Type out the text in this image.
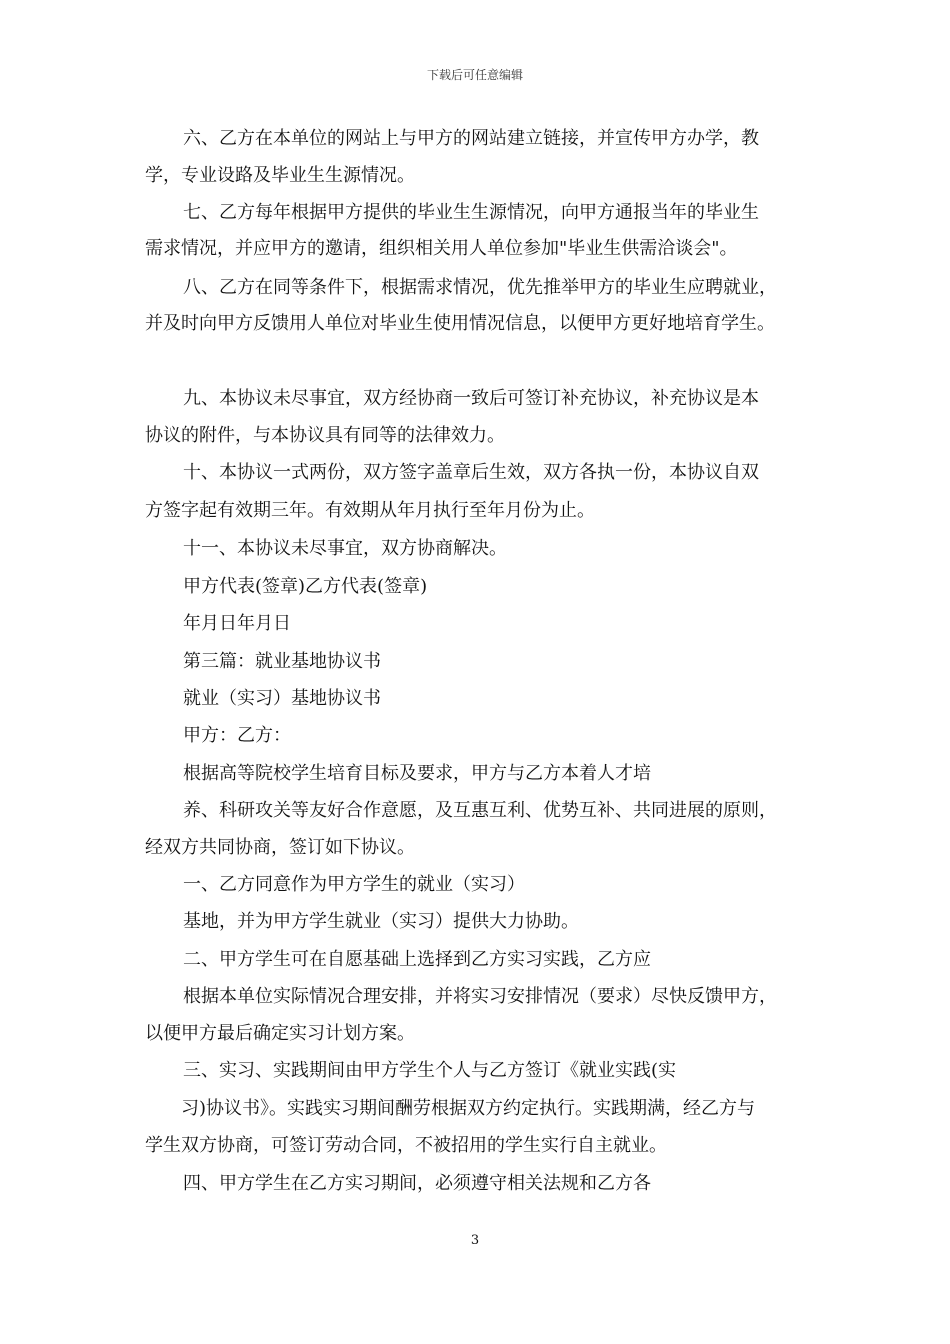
下载后可任意编辑
六、乙方在本单位的网站上与甲方的网站建立链接，并宣传甲方办学，教
学，专业设路及毕业生生源情况。
七、乙方每年根据甲方提供的毕业生生源情况，向甲方通报当年的毕业生
需求情况，并应甲方的邀请，组织相关用人单位参加"毕业生供需洽谈会"。
八、乙方在同等条件下，根据需求情况，优先推举甲方的毕业生应聘就业，
并及时向甲方反馈用人单位对毕业生使用情况信息，以便甲方更好地培育学生。
九、本协议未尽事宜，双方经协商一致后可签订补充协议，补充协议是本
协议的附件，与本协议具有同等的法律效力。
十、本协议一式两份，双方签字盖章后生效，双方各执一份，本协议自双
方签字起有效期三年。有效期从年月执行至年月份为止。
十一、本协议未尽事宜，双方协商解决。
甲方代表(签章)乙方代表(签章)
年月日年月日
第三篇：就业基地协议书
就业（实习）基地协议书
甲方：乙方：
根据高等院校学生培育目标及要求，甲方与乙方本着人才培
养、科研攻关等友好合作意愿，及互惠互利、优势互补、共同进展的原则，
经双方共同协商，签订如下协议。
一、乙方同意作为甲方学生的就业（实习）
基地，并为甲方学生就业（实习）提供大力协助。
二、甲方学生可在自愿基础上选择到乙方实习实践，乙方应
根据本单位实际情况合理安排，并将实习安排情况（要求）尽快反馈甲方，
以便甲方最后确定实习计划方案。
三、实习、实践期间由甲方学生个人与乙方签订《就业实践(实
习)协议书》。实践实习期间酬劳根据双方约定执行。实践期满，经乙方与
学生双方协商，可签订劳动合同，不被招用的学生实行自主就业。
四、甲方学生在乙方实习期间，必须遵守相关法规和乙方各
3
